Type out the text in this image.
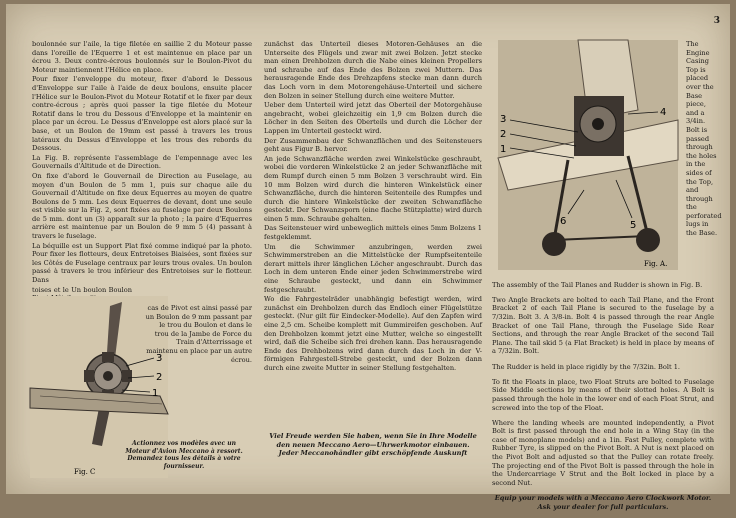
3

boulonnée sur l'aile, la tige filetée en saillie 2 du Moteur passe dans l'oreille de l'Equerre 1 et est maintenue en place par un écrou 3. Deux contre-écrous boulonnés sur le Boulon-Pivot du Moteur maintiennent l'Hélice en place.

Pour fixer l'enveloppe du moteur, fixer d'abord le Dessous d'Enveloppe sur l'aile à l'aide de deux boulons, ensuite placer l'Hélice sur le Boulon-Pivot du Moteur Rotatif et le fixer par deux contre-écrous ; après quoi passer la tige filetée du Moteur Rotatif dans le trou du Dessous d'Enveloppe et la maintenir en place par un écrou. Le Dessus d'Enveloppe est alors placé sur la base, et un Boulon de 19mm est passé à travers les trous latéraux du Dessus d'Enveloppe et les trous des rebords du Dessous.

La Fig. B. représente l'assemblage de l'empennage avec les Gouvernails d'Altitude et de Direction.

On fixe d'abord le Gouvernail de Direction au Fuselage, au moyen d'un Boulon de 5 mm 1, puis sur chaque aile du Gouvernail d'Altitude on fixe deux Equerres au moyen de quatre Boulons de 5 mm. Les deux Equerres de devant, dont une seule est visible sur la Fig. 2, sont fixées au fuselage par deux Boulons de 5 mm. dont un (3) apparaît sur la photo ; la paire d'Equerres arrière est maintenue par un Boulon de 9 mm 5 (4) passant à travers le fuselage.

La béquille est un Support Plat fixé comme indiqué par la photo. Pour fixer les flotteurs, deux Entretoises Biaisées, sont fixées sur les Côtés de Fuselage centraux par leurs trous ovales. Un boulon passé à travers le trou inférieur des Entretoises sur le flotteur. Dans

toises et le Un boulon Boulon

3
2
1
Fig. C
cas de Pivot est ainsi passé par un Boulon de 9 mm passant par le trou du Boulon et dans le trou de la Jambe de Force du Train d'Atterrissage et maintenu en place par un autre écrou.
Actionnez vos modèles avec un Moteur d'Avion Meccano à ressort. Demandez tous les détails à votre fournisseur.

zunächst das Unterteil dieses Motoren-Gehäuses an die Unterseite des Flügels und zwar mit zwei Bolzen. Jetzt stecke man einen Drehbolzen durch die Nabe eines kleinen Propellers und schraube auf das Ende des Bolzen zwei Muttern. Das herausragende Ende des Drehzapfens stecke man dann durch das Loch vorn in dem Motorengehäuse-Unterteil und sichere den Bolzen in seiner Stellung durch eine weitere Mutter.

Ueber dem Unterteil wird jetzt das Oberteil der Motorgehäuse angebracht, wobei gleichzeitig ein 1,9 cm Bolzen durch die Löcher in den Seiten des Oberteils und durch die Löcher der Lappen im Unterteil gesteckt wird.

Der Zusammenbau der Schwanzflächen und des Seitensteuers geht aus Figur B. hervor.

An jede Schwanzfläche werden zwei Winkelstücke geschraubt, wobei die vorderen Winkelstücke 2 an jeder Schwanzfläche mit dem Rumpf durch einen 5 mm Bolzen 3 verschraubt wird. Ein 10 mm Bolzen wird durch die hinteren Winkelstück einer Schwanzfläche, durch die hinteren Seitenteile des Rumpfes und durch die hintere Winkelstücke der zweiten Schwanzfläche gesteckt. Der Schwanzsporn (eine flache Stützplatte) wird durch einen 5 mm. Schraube gehalten.

Das Seitensteuer wird unbeweglich mittels eines 5mm Bolzens 1 festgeklemmt.

Um die Schwimmer anzubringen, werden zwei Schwimmerstreben an die Mittelstücke der Rumpfseitenteile derart mittels ihrer länglichen Löcher angeschraubt. Durch das Loch in dem unteren Ende einer jeden Schwimmerstrebe wird eine Schraube gesteckt, und dann ein Schwimmer festgeschraubt.

Wo die Fahrgestelräder unabhängig befestigt werden, wird zunächst ein Drehbolzen durch das Endloch einer Flügelstütze gesteckt. (Nur gilt für Eindecker-Modelle). Auf den Zapfen wird eine 2,5 cm. Scheibe komplett mit Gummireifen geschoben. Auf den Drehbolzen kommt jetzt eine Mutter, welche so eingestellt wird, daß die Scheibe sich frei drehen kann. Das herausragende Ende des Drehbolzens wird dann durch das Loch in der V-förmigen Fahrgestell-Strebe gesteckt, und der Bolzen dann durch eine zweite Mutter in seiner Stellung festgehalten.

Viel Freude werden Sie haben, wenn Sie in Ihre Modelle den neuen Meccano Aero—Uhrwerkmotor einbauen.
Jeder Meccanohändler gibt erschöpfende Auskunft
3
2
1
4
5
6
Fig. A.
The Engine Casing Top is placed over the Base piece, and a 3/4in. Bolt is passed through the holes in the sides of the Top, and through the perforated lugs in the Base.

The assembly of the Tail Planes and Rudder is shown in Fig. B.

Two Angle Brackets are bolted to each Tail Plane, and the Front Bracket 2 of each Tail Plane is secured to the fuselage by a 7/32in. Bolt 3. A 3/8-in. Bolt 4 is passed through the rear Angle Bracket of one Tail Plane, through the Fuselage Side Rear Sections, and through the rear Angle Bracket of the second Tail Plane. The tail skid 5 (a Flat Bracket) is held in place by means of a 7/32in. Bolt.

The Rudder is held in place rigidly by the 7/32in. Bolt 1.

To fit the Floats in place, two Float Struts are bolted to Fuselage Side Middle sections by means of their slotted holes. A Bolt is passed through the hole in the lower end of each Float Strut, and screwed into the top of the Float.

Where the landing wheels are mounted independently, a Pivot Bolt is first passed through the end hole in a Wing Stay (in the case of monoplane models) and a 1in. Fast Pulley, complete with Rubber Tyre, is slipped on the Pivot Bolt. A Nut is next placed on the Pivot Bolt and adjusted so that the Pulley can rotate freely. The projecting end of the Pivot Bolt is passed through the hole in the Undercarriage V Strut and the Bolt locked in place by a second Nut.

Equip your models with a Meccano Aero Clockwork Motor. Ask your dealer for full particulars.
